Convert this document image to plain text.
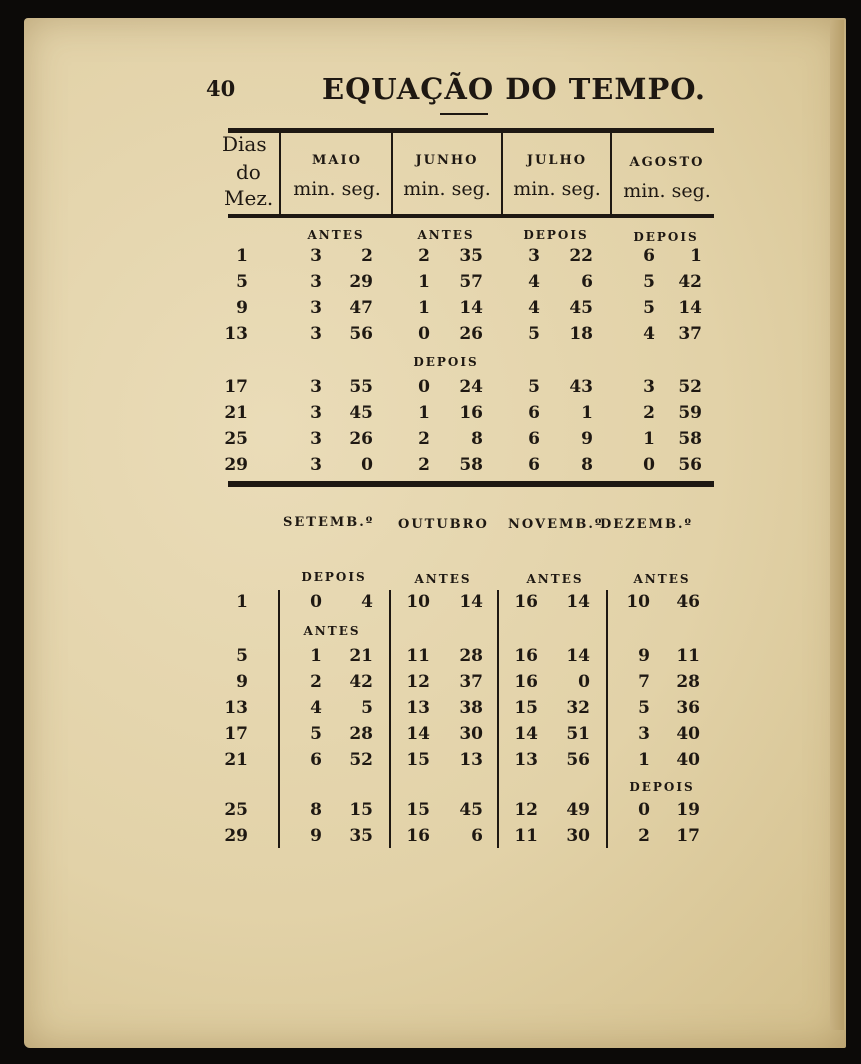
40	EQUAÇÃO DO TEMPO.
Dias
do
Mez.
MAIO	JUNHO	JULHO	AGOSTO
min. seg.	min. seg.	min. seg.	min. seg.
ANTES	ANTES	DEPOIS	DEPOIS
DEPOIS
1	3	2	2	35	3	22	6	1
5	3	29	1	57	4	6	5	42
9	3	47	1	14	4	45	5	14
13	3	56	0	26	5	18	4	37
17	3	55	0	24	5	43	3	52
21	3	45	1	16	6	1	2	59
25	3	26	2	8	6	9	1	58
29	3	0	2	58	6	8	0	56
SETEMB.º OUTUBRO NOVEMB.º
DEZEMB.º
DEPOIS	ANTES	ANTES	ANTES
ANTES
DEPOIS
1	0	4	10	14	16	14	10	46
5	1	21	11	28	16	14	9	11
9	2	42	12	37	16	0	7	28
13	4	5	13	38	15	32	5	36
17	5	28	14	30	14	51	3	40
21	6	52	15	13	13	56	1	40
25	8	15	15	45	12	49	0	19
29	9	35	16	6	11	30	2	17
